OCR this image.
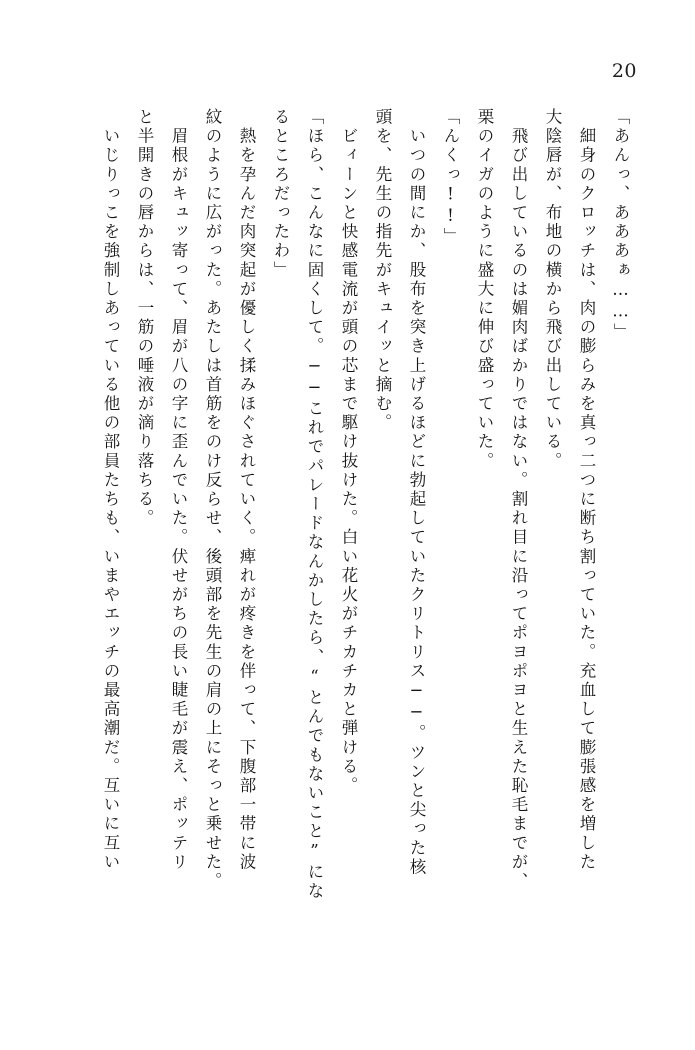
20
「あんっ、あああぁ……」
　細身のクロッチは、肉の膨らみを真っ二つに断ち割っていた。充血して膨張感を増した
大陰唇が、布地の横から飛び出している。
　飛び出しているのは媚肉ばかりではない。割れ目に沿ってポヨポヨと生えた恥毛までが、
栗のイガのように盛大に伸び盛っていた。
「んくっ!!」
　いつの間にか、股布を突き上げるほどに勃起していたクリトリス──。ツンと尖った核
頭を、先生の指先がキュイッと摘む。
　ビィーンと快感電流が頭の芯まで駆け抜けた。白い花火がチカチカと弾ける。
「ほら、こんなに固くして。──これでパレードなんかしたら、“とんでもないこと”にな
るところだったわ」
　熱を孕んだ肉突起が優しく揉みほぐされていく。痺れが疼きを伴って、下腹部一帯に波
紋のように広がった。あたしは首筋をのけ反らせ、後頭部を先生の肩の上にそっと乗せた。
　眉根がキュッ寄って、眉が八の字に歪んでいた。伏せがちの長い睫毛が震え、ポッテリ
と半開きの唇からは、一筋の唾液が滴り落ちる。
　いじりっこを強制しあっている他の部員たちも、いまやエッチの最高潮だ。互いに互い
